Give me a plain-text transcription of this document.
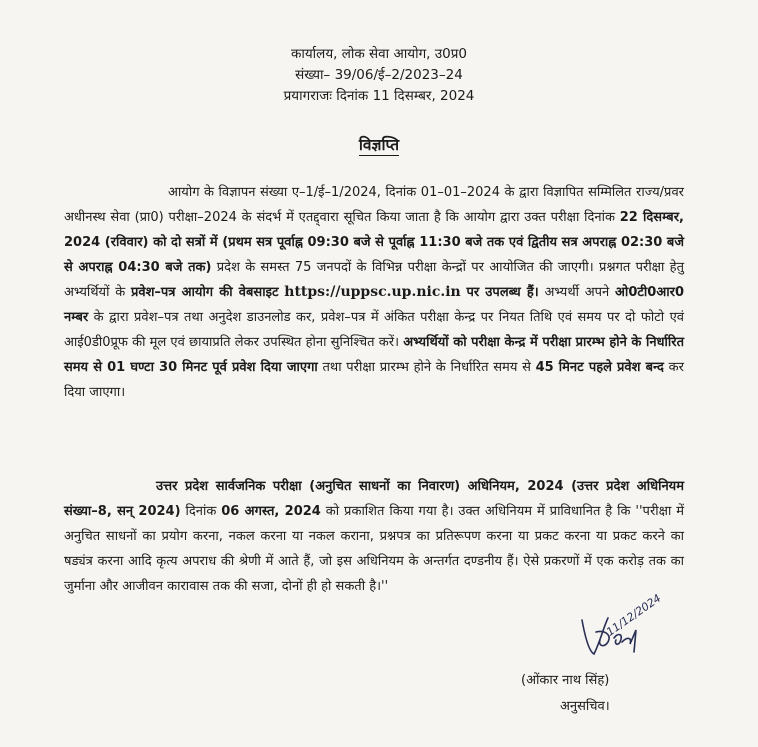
कार्यालय, लोक सेवा आयोग, उ0प्र0
संख्या– 39/06/ई–2/2023–24
प्रयागराजः दिनांक 11 दिसम्बर, 2024
विज्ञप्ति
आयोग के विज्ञापन संख्या ए–1/ई–1/2024, दिनांक 01–01–2024 के द्वारा विज्ञापित सम्मिलित राज्य/प्रवर अधीनस्थ सेवा (प्रा0) परीक्षा–2024 के संदर्भ में एतद्द्वारा सूचित किया जाता है कि आयोग द्वारा उक्त परीक्षा दिनांक 22 दिसम्बर, 2024 (रविवार) को दो सत्रों में (प्रथम सत्र पूर्वाह्न 09:30 बजे से पूर्वाह्न 11:30 बजे तक एवं द्वितीय सत्र अपराह्न 02:30 बजे से अपराह्न 04:30 बजे तक) प्रदेश के समस्त 75 जनपदों के विभिन्न परीक्षा केन्द्रों पर आयोजित की जाएगी। प्रश्नगत परीक्षा हेतु अभ्यर्थियों के प्रवेश–पत्र आयोग की वेबसाइट https://uppsc.up.nic.in पर उपलब्ध हैं। अभ्यर्थी अपने ओ0टी0आर0 नम्बर के द्वारा प्रवेश–पत्र तथा अनुदेश डाउनलोड कर, प्रवेश–पत्र में अंकित परीक्षा केन्द्र पर नियत तिथि एवं समय पर दो फोटो एवं आई0डी0प्रूफ की मूल एवं छायाप्रति लेकर उपस्थित होना सुनिश्चित करें। अभ्यर्थियों को परीक्षा केन्द्र में परीक्षा प्रारम्भ होने के निर्धारित समय से 01 घण्टा 30 मिनट पूर्व प्रवेश दिया जाएगा तथा परीक्षा प्रारम्भ होने के निर्धारित समय से 45 मिनट पहले प्रवेश बन्द कर दिया जाएगा।
उत्तर प्रदेश सार्वजनिक परीक्षा (अनुचित साधनों का निवारण) अधिनियम, 2024 (उत्तर प्रदेश अधिनियम संख्या–8, सन् 2024) दिनांक 06 अगस्त, 2024 को प्रकाशित किया गया है। उक्त अधिनियम में प्राविधानित है कि ''परीक्षा में अनुचित साधनों का प्रयोग करना, नकल करना या नकल कराना, प्रश्नपत्र का प्रतिरूपण करना या प्रकट करना या प्रकट करने का षड्यंत्र करना आदि कृत्य अपराध की श्रेणी में आते हैं, जो इस अधिनियम के अन्तर्गत दण्डनीय हैं। ऐसे प्रकरणों में एक करोड़ तक का जुर्माना और आजीवन कारावास तक की सजा, दोनों ही हो सकती है।''
11/12/2024
(ओंकार नाथ सिंह)
अनुसचिव।
